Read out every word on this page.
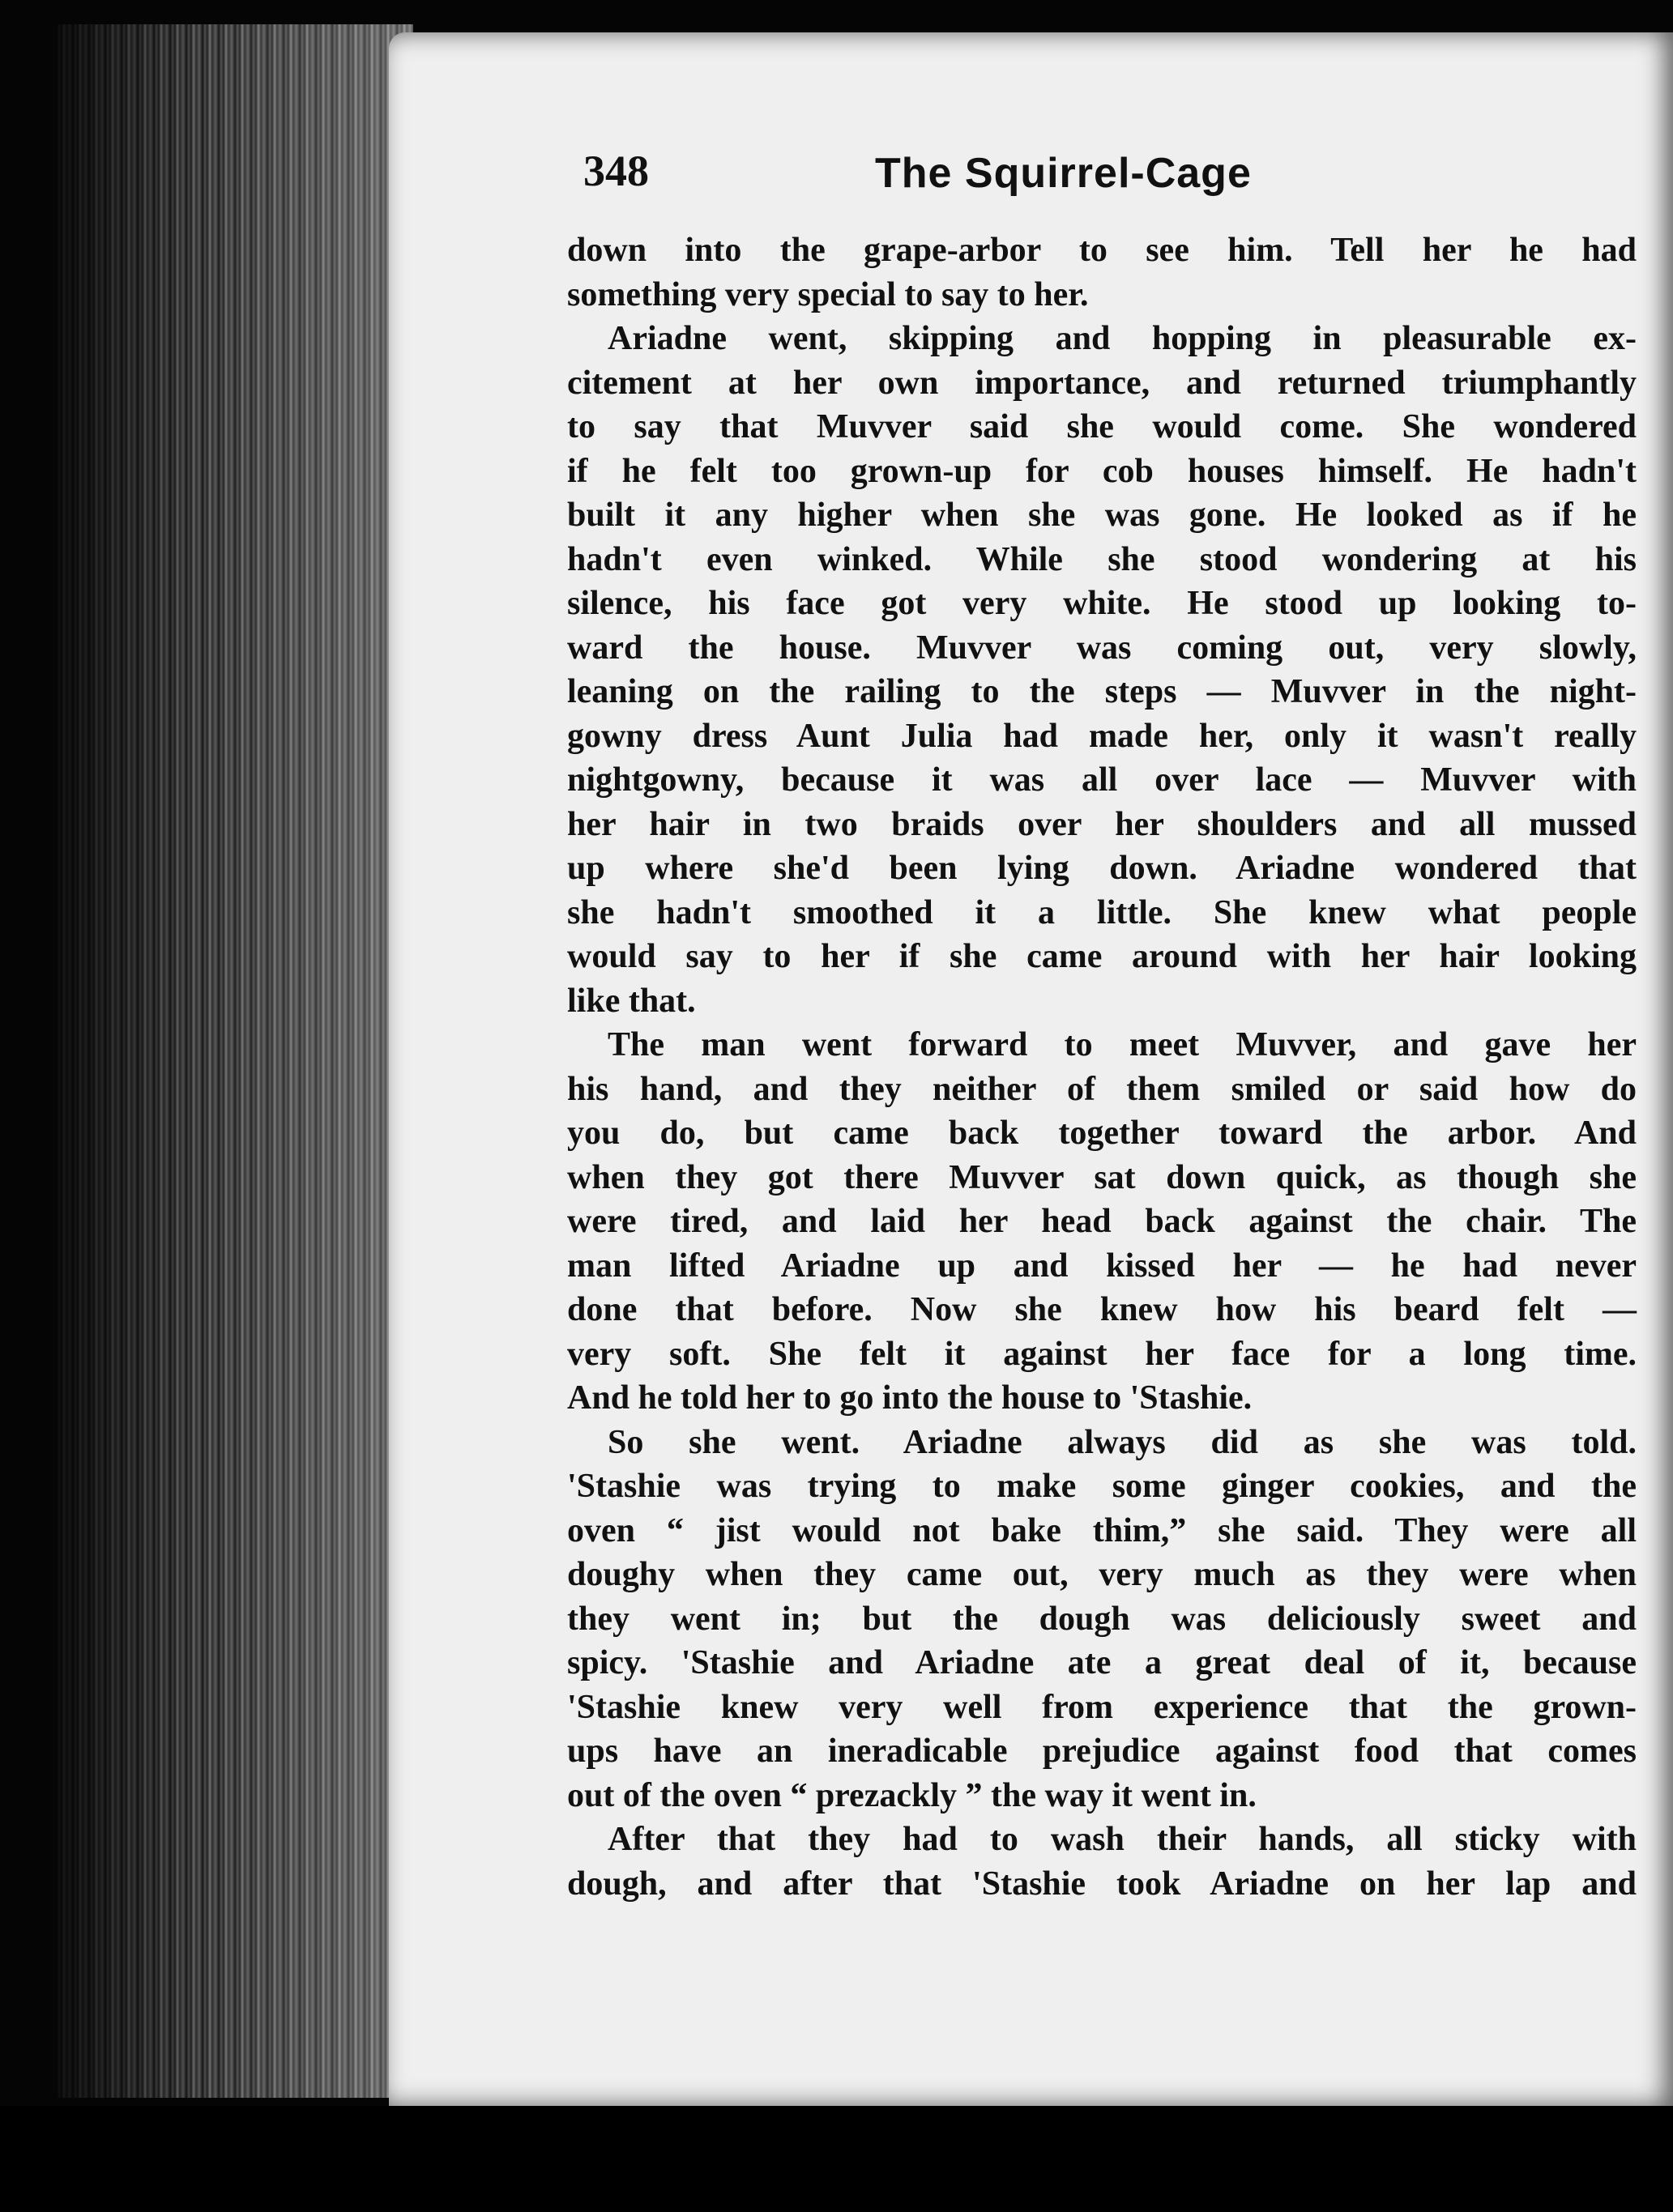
348	The Squirrel-Cage
down into the grape-arbor to see him. Tell her he had
something very special to say to her.
Ariadne went, skipping and hopping in pleasurable ex-
citement at her own importance, and returned triumphantly
to say that Muvver said she would come. She wondered
if he felt too grown-up for cob houses himself. He hadn't
built it any higher when she was gone. He looked as if he
hadn't even winked. While she stood wondering at his
silence, his face got very white. He stood up looking to-
ward the house. Muvver was coming out, very slowly,
leaning on the railing to the steps — Muvver in the night-
gowny dress Aunt Julia had made her, only it wasn't really
nightgowny, because it was all over lace — Muvver with
her hair in two braids over her shoulders and all mussed
up where she'd been lying down. Ariadne wondered that
she hadn't smoothed it a little. She knew what people
would say to her if she came around with her hair looking
like that.
The man went forward to meet Muvver, and gave her
his hand, and they neither of them smiled or said how do
you do, but came back together toward the arbor. And
when they got there Muvver sat down quick, as though she
were tired, and laid her head back against the chair. The
man lifted Ariadne up and kissed her — he had never
done that before. Now she knew how his beard felt —
very soft. She felt it against her face for a long time.
And he told her to go into the house to 'Stashie.
So she went. Ariadne always did as she was told.
'Stashie was trying to make some ginger cookies, and the
oven “ jist would not bake thim,” she said. They were all
doughy when they came out, very much as they were when
they went in; but the dough was deliciously sweet and
spicy. 'Stashie and Ariadne ate a great deal of it, because
'Stashie knew very well from experience that the grown-
ups have an ineradicable prejudice against food that comes
out of the oven “ prezackly ” the way it went in.
After that they had to wash their hands, all sticky with
dough, and after that 'Stashie took Ariadne on her lap and
